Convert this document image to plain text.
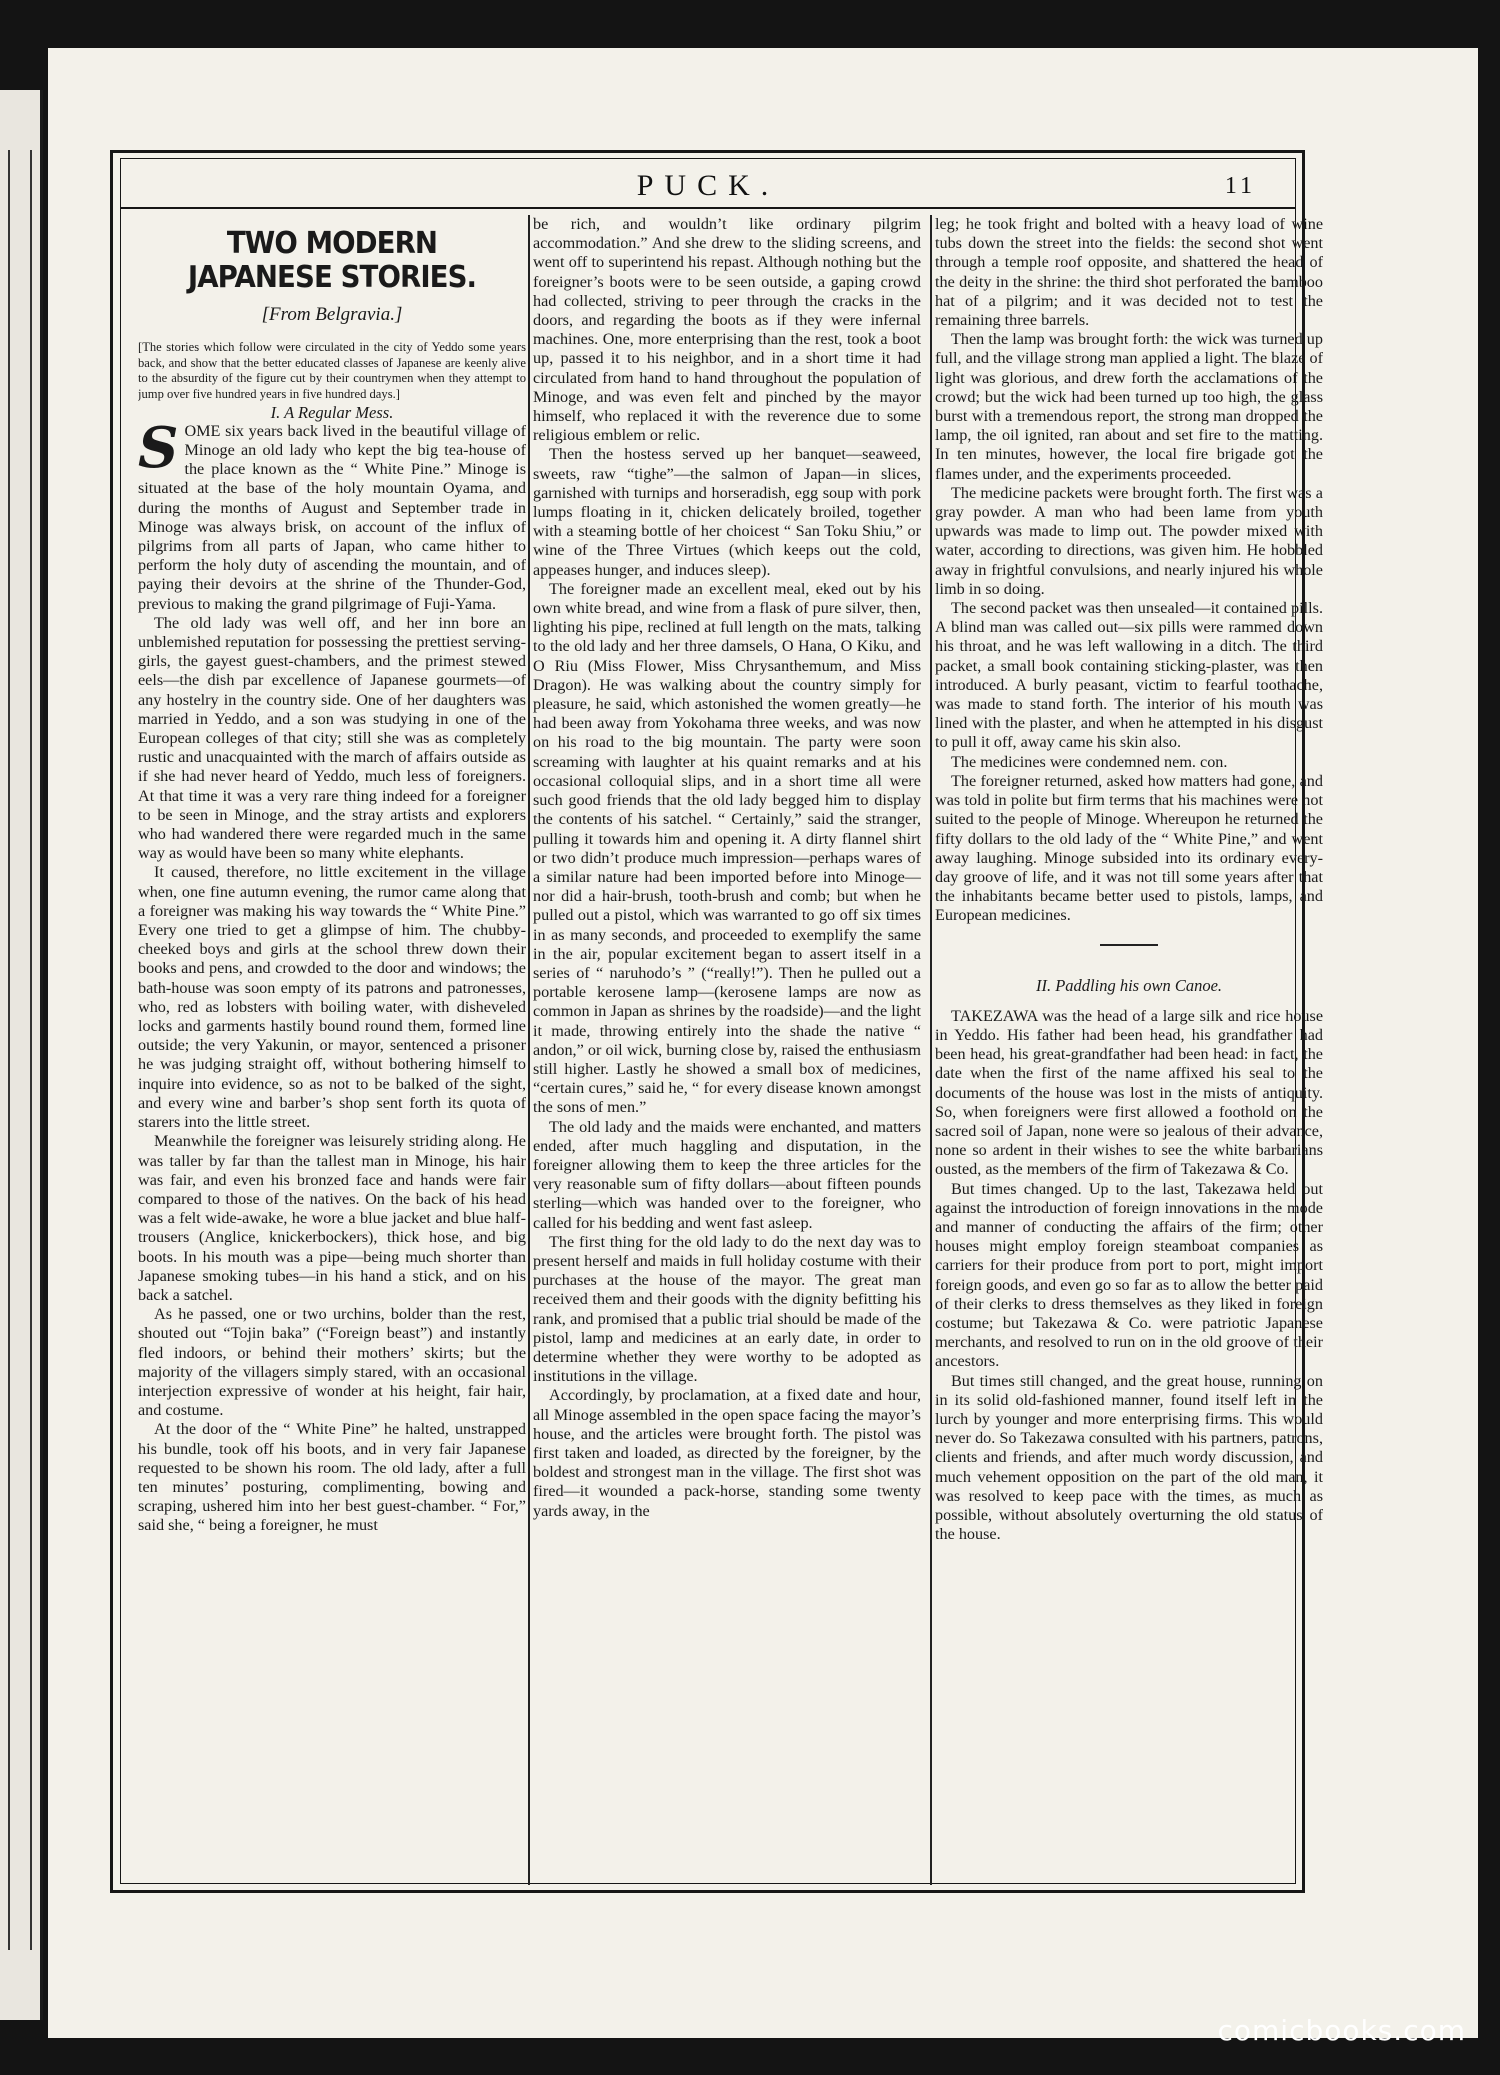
PUCK.	11
TWO MODERN JAPANESE STORIES.
[From Belgravia.]

[The stories which follow were circulated in the city of Yeddo some years back, and show that the better educated classes of Japanese are keenly alive to the absurdity of the figure cut by their countrymen when they attempt to jump over five hundred years in five hundred days.]

I. A Regular Mess.

SOME six years back lived in the beautiful village of Minoge an old lady who kept the big tea-house of the place known as the “ White Pine.” Minoge is situated at the base of the holy mountain Oyama, and during the months of August and September trade in Minoge was always brisk, on account of the influx of pilgrims from all parts of Japan, who came hither to perform the holy duty of ascending the mountain, and of paying their devoirs at the shrine of the Thunder-God, previous to making the grand pilgrimage of Fuji-Yama.

The old lady was well off, and her inn bore an unblemished reputation for possessing the prettiest serving-girls, the gayest guest-chambers, and the primest stewed eels—the dish par excellence of Japanese gourmets—of any hostelry in the country side. One of her daughters was married in Yeddo, and a son was studying in one of the European colleges of that city; still she was as completely rustic and unacquainted with the march of affairs outside as if she had never heard of Yeddo, much less of foreigners. At that time it was a very rare thing indeed for a foreigner to be seen in Minoge, and the stray artists and explorers who had wandered there were regarded much in the same way as would have been so many white elephants.

It caused, therefore, no little excitement in the village when, one fine autumn evening, the rumor came along that a foreigner was making his way towards the “ White Pine.” Every one tried to get a glimpse of him. The chubby-cheeked boys and girls at the school threw down their books and pens, and crowded to the door and windows; the bath-house was soon empty of its patrons and patronesses, who, red as lobsters with boiling water, with disheveled locks and garments hastily bound round them, formed line outside; the very Yakunin, or mayor, sentenced a prisoner he was judging straight off, without bothering himself to inquire into evidence, so as not to be balked of the sight, and every wine and barber’s shop sent forth its quota of starers into the little street.

Meanwhile the foreigner was leisurely striding along. He was taller by far than the tallest man in Minoge, his hair was fair, and even his bronzed face and hands were fair compared to those of the natives. On the back of his head was a felt wide-awake, he wore a blue jacket and blue half-trousers (Anglice, knickerbockers), thick hose, and big boots. In his mouth was a pipe—being much shorter than Japanese smoking tubes—in his hand a stick, and on his back a satchel.

As he passed, one or two urchins, bolder than the rest, shouted out “Tojin baka” (“Foreign beast”) and instantly fled indoors, or behind their mothers’ skirts; but the majority of the villagers simply stared, with an occasional interjection expressive of wonder at his height, fair hair, and costume.

At the door of the “ White Pine” he halted, unstrapped his bundle, took off his boots, and in very fair Japanese requested to be shown his room. The old lady, after a full ten minutes’ posturing, complimenting, bowing and scraping, ushered him into her best guest-chamber. “ For,” said she, “ being a foreigner, he must

be rich, and wouldn’t like ordinary pilgrim accommodation.” And she drew to the sliding screens, and went off to superintend his repast. Although nothing but the foreigner’s boots were to be seen outside, a gaping crowd had collected, striving to peer through the cracks in the doors, and regarding the boots as if they were infernal machines. One, more enterprising than the rest, took a boot up, passed it to his neighbor, and in a short time it had circulated from hand to hand throughout the population of Minoge, and was even felt and pinched by the mayor himself, who replaced it with the reverence due to some religious emblem or relic.

Then the hostess served up her banquet—seaweed, sweets, raw “tighe”—the salmon of Japan—in slices, garnished with turnips and horseradish, egg soup with pork lumps floating in it, chicken delicately broiled, together with a steaming bottle of her choicest “ San Toku Shiu,” or wine of the Three Virtues (which keeps out the cold, appeases hunger, and induces sleep).

The foreigner made an excellent meal, eked out by his own white bread, and wine from a flask of pure silver, then, lighting his pipe, reclined at full length on the mats, talking to the old lady and her three damsels, O Hana, O Kiku, and O Riu (Miss Flower, Miss Chrysanthemum, and Miss Dragon). He was walking about the country simply for pleasure, he said, which astonished the women greatly—he had been away from Yokohama three weeks, and was now on his road to the big mountain. The party were soon screaming with laughter at his quaint remarks and at his occasional colloquial slips, and in a short time all were such good friends that the old lady begged him to display the contents of his satchel. “ Certainly,” said the stranger, pulling it towards him and opening it. A dirty flannel shirt or two didn’t produce much impression—perhaps wares of a similar nature had been imported before into Minoge—nor did a hair-brush, tooth-brush and comb; but when he pulled out a pistol, which was warranted to go off six times in as many seconds, and proceeded to exemplify the same in the air, popular excitement began to assert itself in a series of “ naruhodo’s ” (“really!”). Then he pulled out a portable kerosene lamp—(kerosene lamps are now as common in Japan as shrines by the roadside)—and the light it made, throwing entirely into the shade the native “ andon,” or oil wick, burning close by, raised the enthusiasm still higher. Lastly he showed a small box of medicines, “certain cures,” said he, “ for every disease known amongst the sons of men.”

The old lady and the maids were enchanted, and matters ended, after much haggling and disputation, in the foreigner allowing them to keep the three articles for the very reasonable sum of fifty dollars—about fifteen pounds sterling—which was handed over to the foreigner, who called for his bedding and went fast asleep.

The first thing for the old lady to do the next day was to present herself and maids in full holiday costume with their purchases at the house of the mayor. The great man received them and their goods with the dignity befitting his rank, and promised that a public trial should be made of the pistol, lamp and medicines at an early date, in order to determine whether they were worthy to be adopted as institutions in the village.

Accordingly, by proclamation, at a fixed date and hour, all Minoge assembled in the open space facing the mayor’s house, and the articles were brought forth. The pistol was first taken and loaded, as directed by the foreigner, by the boldest and strongest man in the village. The first shot was fired—it wounded a pack-horse, standing some twenty yards away, in the

leg; he took fright and bolted with a heavy load of wine tubs down the street into the fields: the second shot went through a temple roof opposite, and shattered the head of the deity in the shrine: the third shot perforated the bamboo hat of a pilgrim; and it was decided not to test the remaining three barrels.

Then the lamp was brought forth: the wick was turned up full, and the village strong man applied a light. The blaze of light was glorious, and drew forth the acclamations of the crowd; but the wick had been turned up too high, the glass burst with a tremendous report, the strong man dropped the lamp, the oil ignited, ran about and set fire to the matting. In ten minutes, however, the local fire brigade got the flames under, and the experiments proceeded.

The medicine packets were brought forth. The first was a gray powder. A man who had been lame from youth upwards was made to limp out. The powder mixed with water, according to directions, was given him. He hobbled away in frightful convulsions, and nearly injured his whole limb in so doing.

The second packet was then unsealed—it contained pills. A blind man was called out—six pills were rammed down his throat, and he was left wallowing in a ditch. The third packet, a small book containing sticking-plaster, was then introduced. A burly peasant, victim to fearful toothache, was made to stand forth. The interior of his mouth was lined with the plaster, and when he attempted in his disgust to pull it off, away came his skin also.

The medicines were condemned nem. con.

The foreigner returned, asked how matters had gone, and was told in polite but firm terms that his machines were not suited to the people of Minoge. Whereupon he returned the fifty dollars to the old lady of the “ White Pine,” and went away laughing. Minoge subsided into its ordinary every-day groove of life, and it was not till some years after that the inhabitants became better used to pistols, lamps, and European medicines.

II. Paddling his own Canoe.

TAKEZAWA was the head of a large silk and rice house in Yeddo. His father had been head, his grandfather had been head, his great-grandfather had been head: in fact, the date when the first of the name affixed his seal to the documents of the house was lost in the mists of antiquity. So, when foreigners were first allowed a foothold on the sacred soil of Japan, none were so jealous of their advance, none so ardent in their wishes to see the white barbarians ousted, as the members of the firm of Takezawa & Co.

But times changed. Up to the last, Takezawa held out against the introduction of foreign innovations in the mode and manner of conducting the affairs of the firm; other houses might employ foreign steamboat companies as carriers for their produce from port to port, might import foreign goods, and even go so far as to allow the better paid of their clerks to dress themselves as they liked in foreign costume; but Takezawa & Co. were patriotic Japanese merchants, and resolved to run on in the old groove of their ancestors.

But times still changed, and the great house, running on in its solid old-fashioned manner, found itself left in the lurch by younger and more enterprising firms. This would never do. So Takezawa consulted with his partners, patrons, clients and friends, and after much wordy discussion, and much vehement opposition on the part of the old man, it was resolved to keep pace with the times, as much as possible, without absolutely overturning the old status of the house.

comicbooks.com
